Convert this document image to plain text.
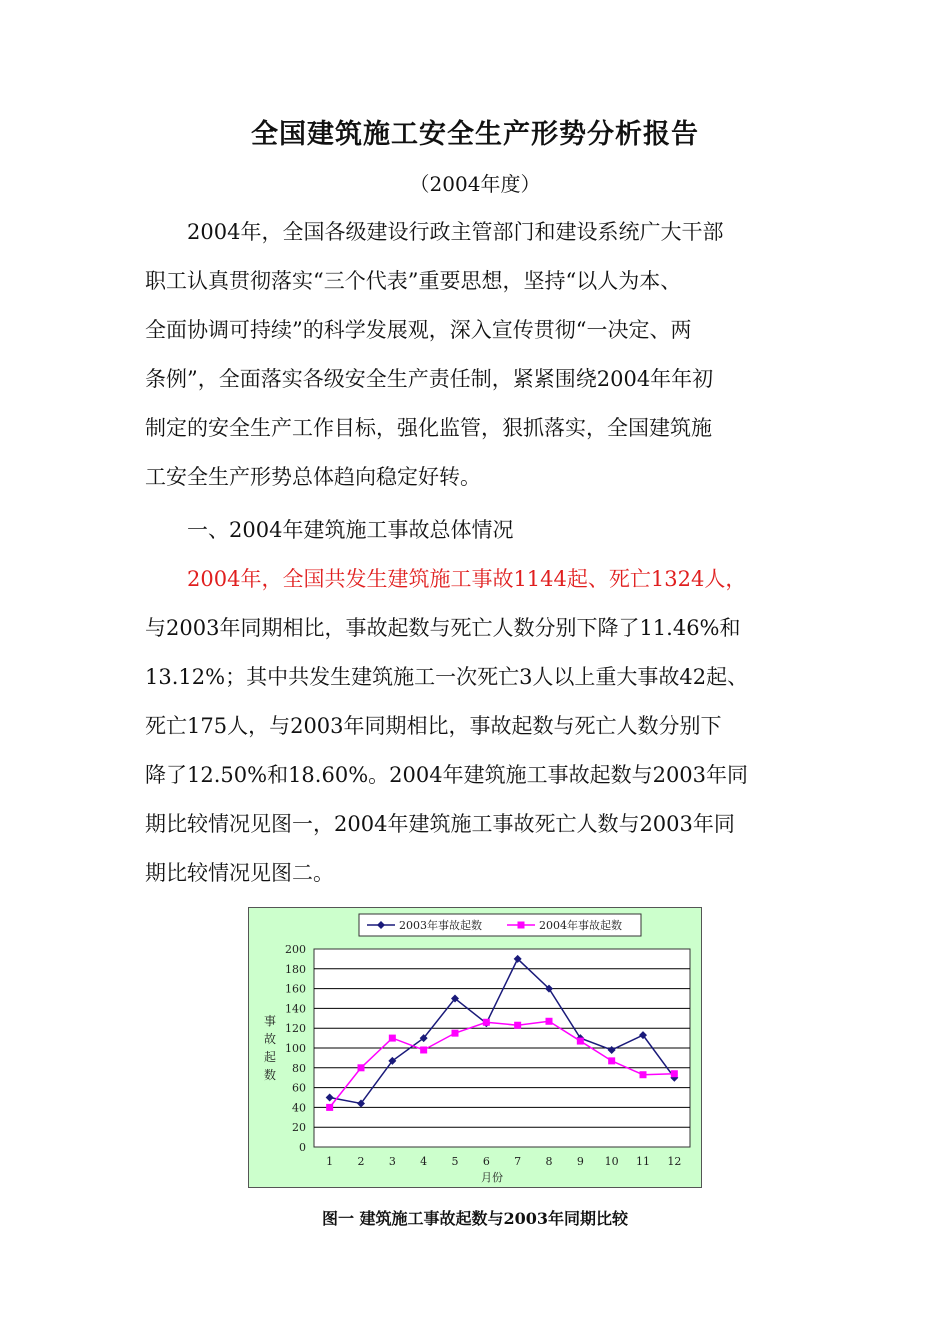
全国建筑施工安全生产形势分析报告
（2004年度）
2004年，全国各级建设行政主管部门和建设系统广大干部
职工认真贯彻落实“三个代表”重要思想，坚持“以人为本、
全面协调可持续”的科学发展观，深入宣传贯彻“一决定、两
条例”，全面落实各级安全生产责任制，紧紧围绕2004年年初
制定的安全生产工作目标，强化监管，狠抓落实，全国建筑施
工安全生产形势总体趋向稳定好转。
一、2004年建筑施工事故总体情况
2004年，全国共发生建筑施工事故1144起、死亡1324人，
与2003年同期相比，事故起数与死亡人数分别下降了11.46%和
13.12%；其中共发生建筑施工一次死亡3人以上重大事故42起、
死亡175人，与2003年同期相比，事故起数与死亡人数分别下
降了12.50%和18.60%。2004年建筑施工事故起数与2003年同
期比较情况见图一，2004年建筑施工事故死亡人数与2003年同
期比较情况见图二。
0
20
40
60
80
100
120
140
160
180
200
1 2 3 4 5 6 7 8 9 10 11 12
月份
事
故
起
数
2003年事故起数	2004年事故起数
图一 建筑施工事故起数与2003年同期比较
